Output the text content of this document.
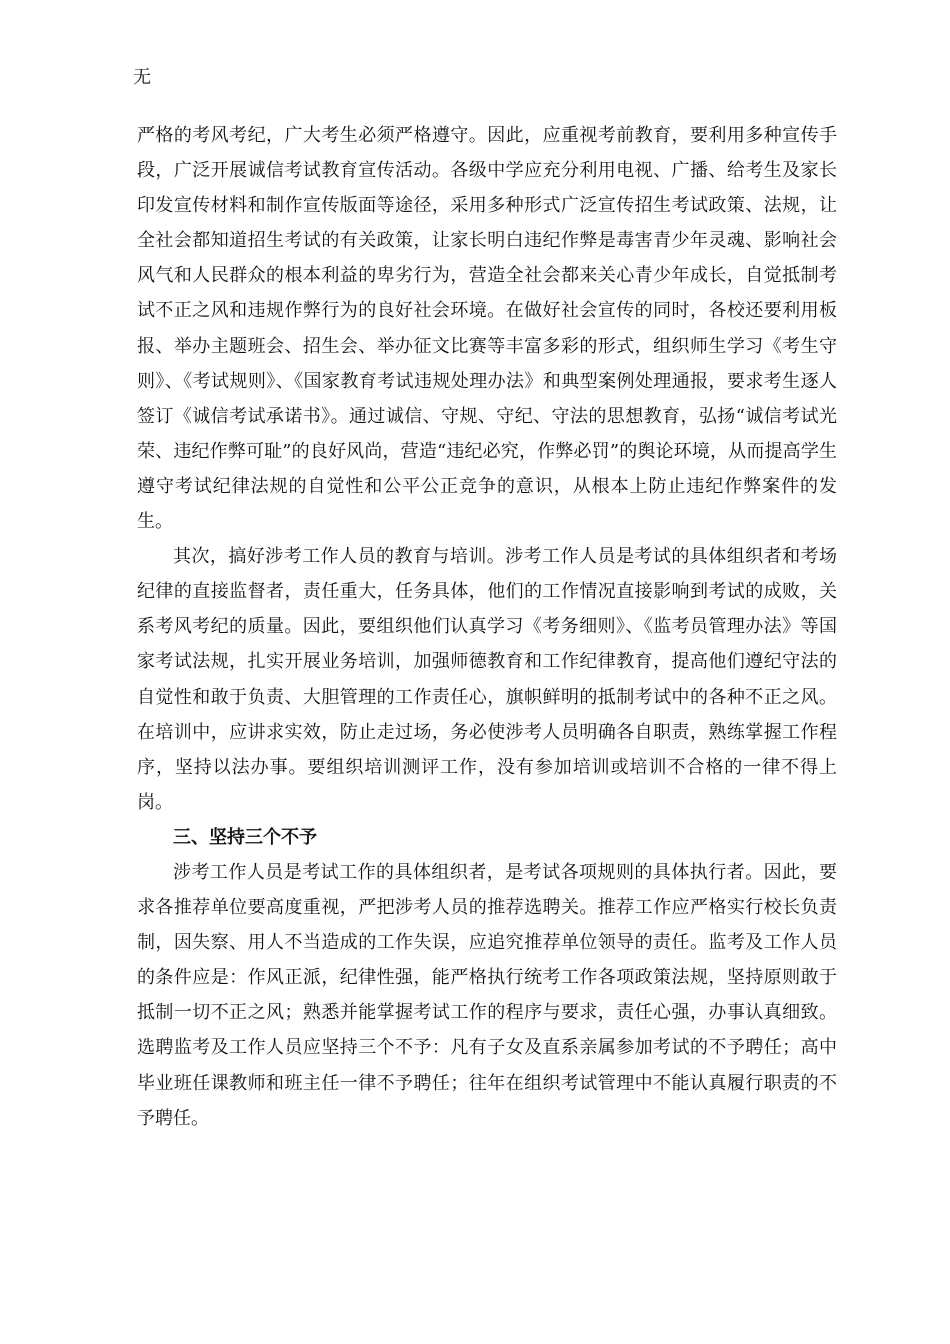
无

严格的考风考纪，广大考生必须严格遵守。因此，应重视考前教育，要利用多种宣传手段，广泛开展诚信考试教育宣传活动。各级中学应充分利用电视、广播、给考生及家长印发宣传材料和制作宣传版面等途径，采用多种形式广泛宣传招生考试政策、法规，让全社会都知道招生考试的有关政策，让家长明白违纪作弊是毒害青少年灵魂、影响社会风气和人民群众的根本利益的卑劣行为，营造全社会都来关心青少年成长，自觉抵制考试不正之风和违规作弊行为的良好社会环境。在做好社会宣传的同时，各校还要利用板报、举办主题班会、招生会、举办征文比赛等丰富多彩的形式，组织师生学习《考生守则》、《考试规则》、《国家教育考试违规处理办法》和典型案例处理通报，要求考生逐人签订《诚信考试承诺书》。通过诚信、守规、守纪、守法的思想教育，弘扬“诚信考试光荣、违纪作弊可耻”的良好风尚，营造“违纪必究，作弊必罚”的舆论环境，从而提高学生遵守考试纪律法规的自觉性和公平公正竞争的意识，从根本上防止违纪作弊案件的发生。

其次，搞好涉考工作人员的教育与培训。涉考工作人员是考试的具体组织者和考场纪律的直接监督者，责任重大，任务具体，他们的工作情况直接影响到考试的成败，关系考风考纪的质量。因此，要组织他们认真学习《考务细则》、《监考员管理办法》等国家考试法规，扎实开展业务培训，加强师德教育和工作纪律教育，提高他们遵纪守法的自觉性和敢于负责、大胆管理的工作责任心，旗帜鲜明的抵制考试中的各种不正之风。在培训中，应讲求实效，防止走过场，务必使涉考人员明确各自职责，熟练掌握工作程序，坚持以法办事。要组织培训测评工作，没有参加培训或培训不合格的一律不得上岗。

三、坚持三个不予

涉考工作人员是考试工作的具体组织者，是考试各项规则的具体执行者。因此，要求各推荐单位要高度重视，严把涉考人员的推荐选聘关。推荐工作应严格实行校长负责制，因失察、用人不当造成的工作失误，应追究推荐单位领导的责任。监考及工作人员的条件应是：作风正派，纪律性强，能严格执行统考工作各项政策法规，坚持原则敢于抵制一切不正之风；熟悉并能掌握考试工作的程序与要求，责任心强，办事认真细致。选聘监考及工作人员应坚持三个不予：凡有子女及直系亲属参加考试的不予聘任；高中毕业班任课教师和班主任一律不予聘任；往年在组织考试管理中不能认真履行职责的不予聘任。
